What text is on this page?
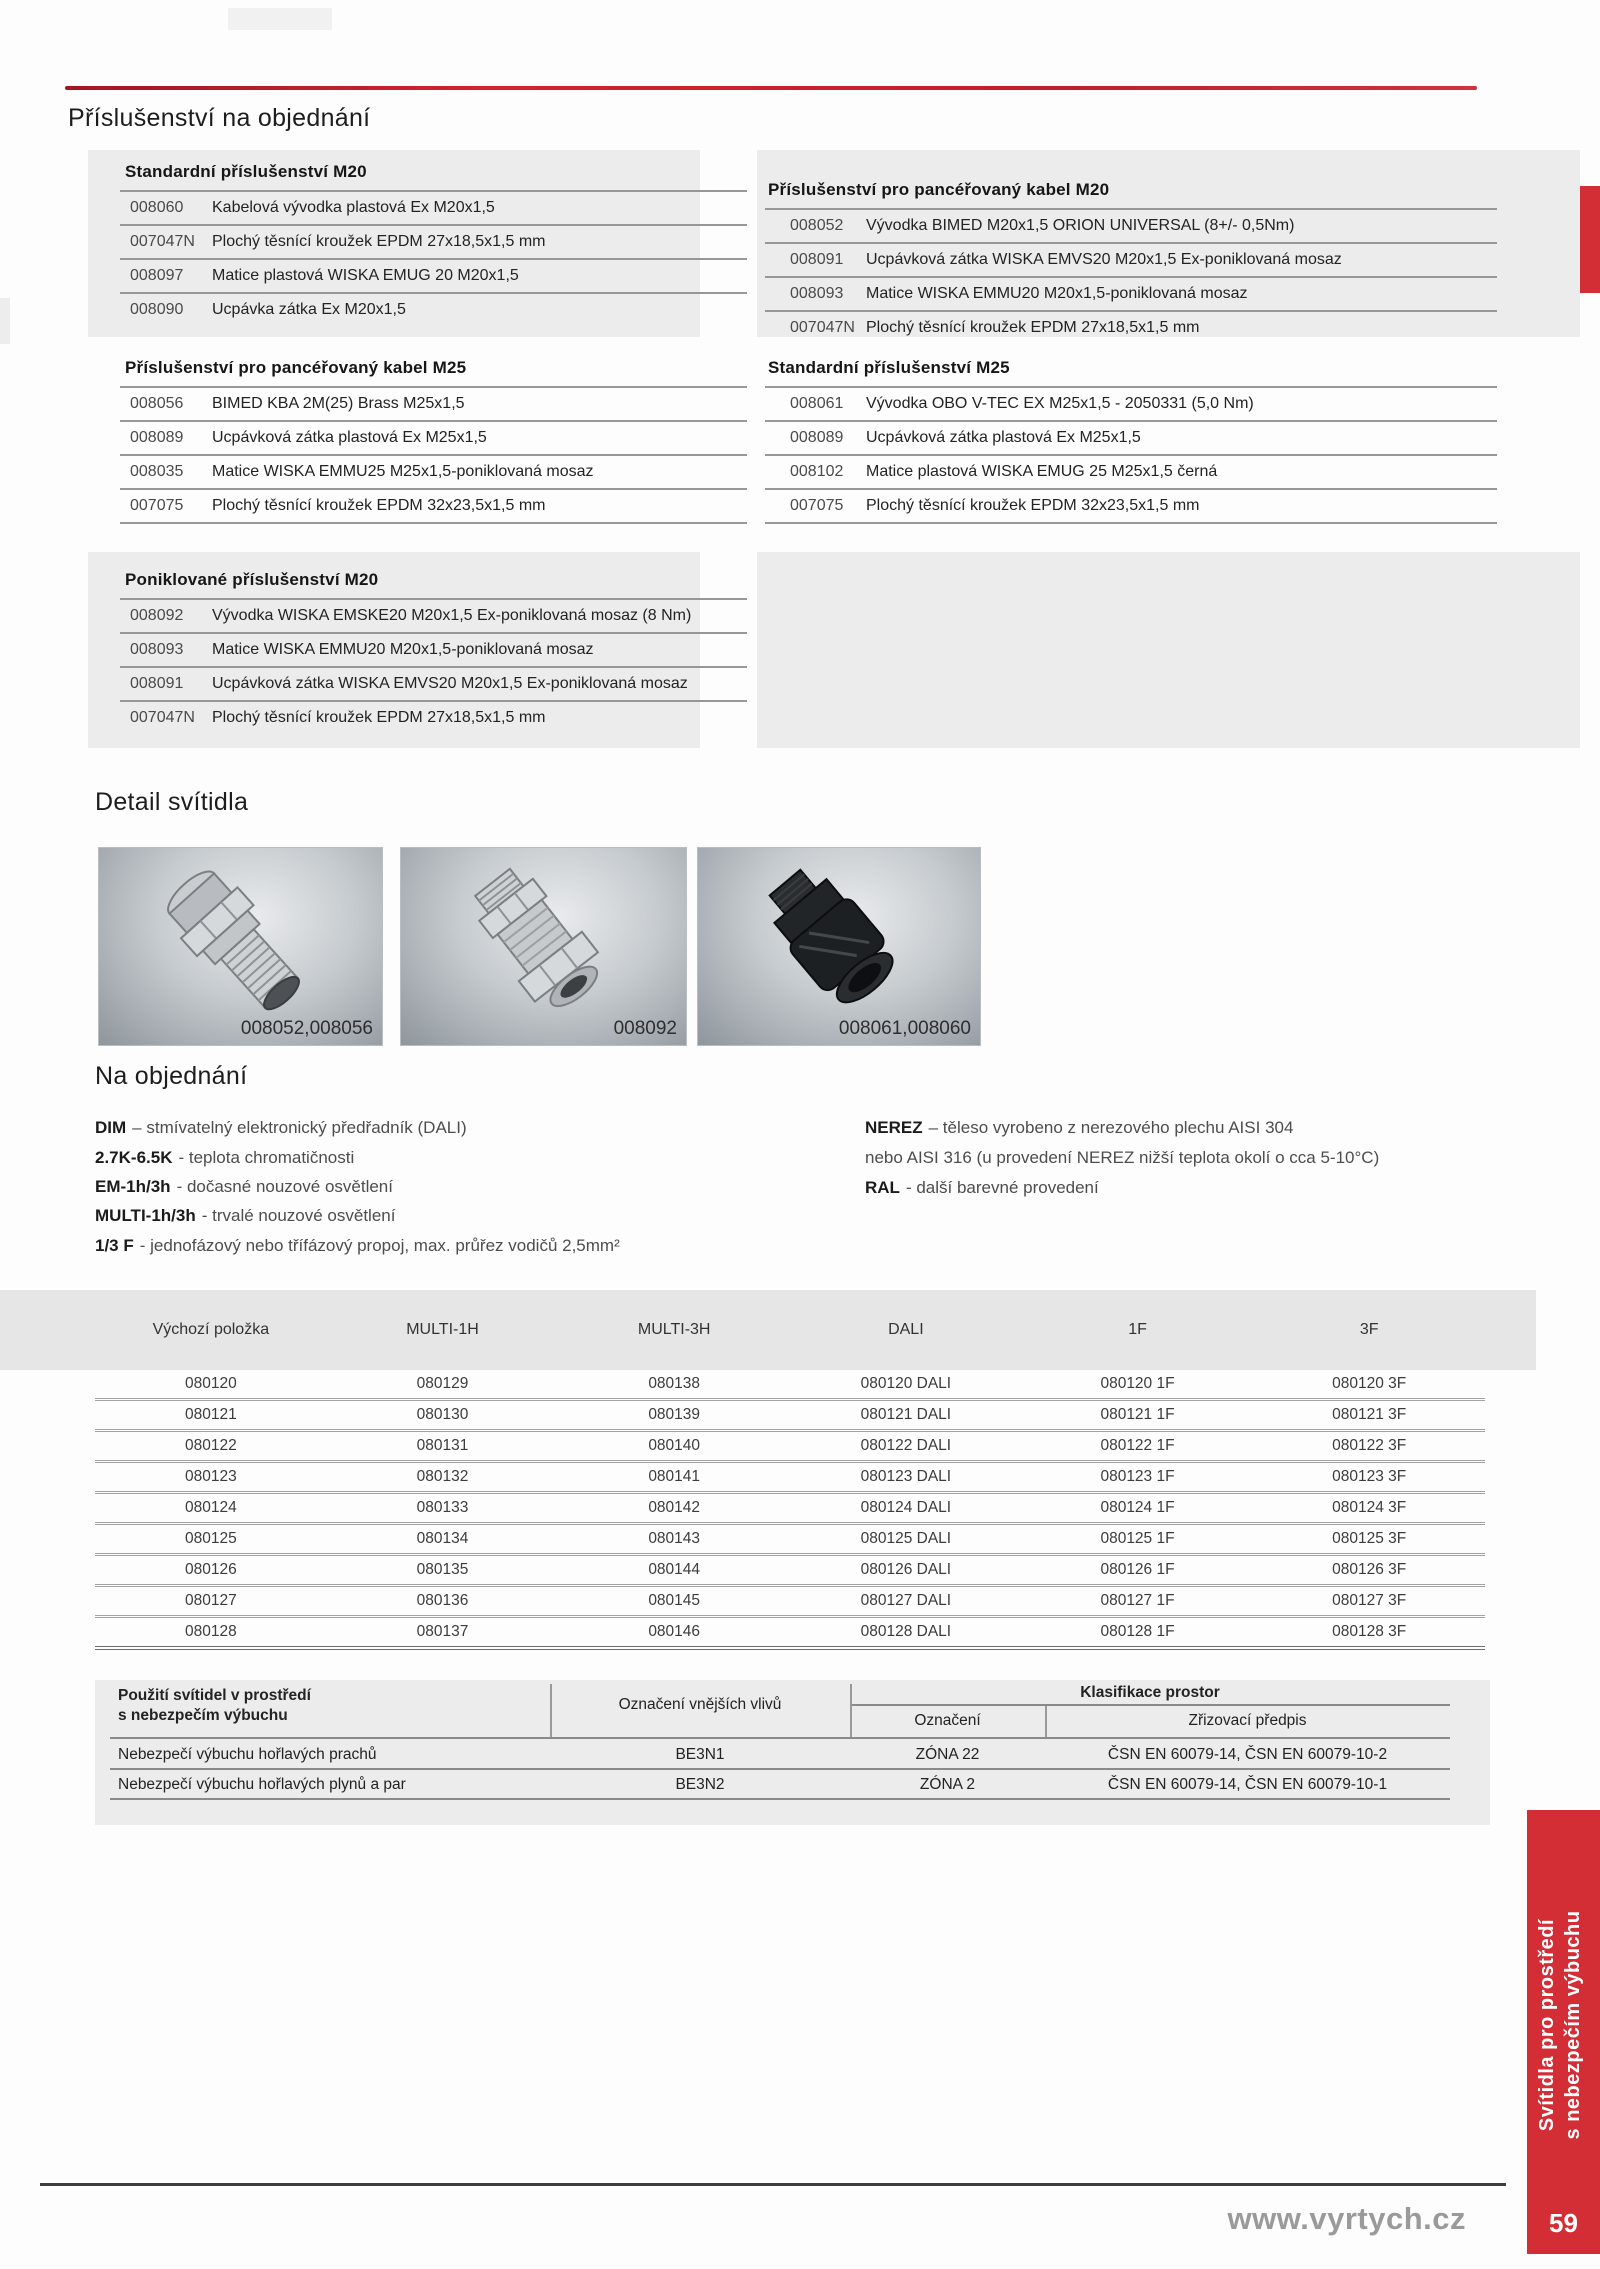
Příslušenství na objednání
Standardní příslušenství M20
008060	Kabelová vývodka plastová Ex M20x1,5
007047N	Plochý těsnící kroužek EPDM 27x18,5x1,5 mm
008097	Matice plastová WISKA EMUG 20 M20x1,5
008090	Ucpávka zátka Ex M20x1,5
Příslušenství pro pancéřovaný kabel M20
008052	Vývodka BIMED M20x1,5 ORION UNIVERSAL (8+/- 0,5Nm)
008091	Ucpávková zátka WISKA EMVS20 M20x1,5 Ex-poniklovaná mosaz
008093	Matice WISKA EMMU20 M20x1,5-poniklovaná mosaz
007047N Plochý těsnící kroužek EPDM 27x18,5x1,5 mm
Příslušenství pro pancéřovaný kabel M25
008056	BIMED KBA 2M(25) Brass M25x1,5
008089	Ucpávková zátka plastová Ex M25x1,5
008035	Matice WISKA EMMU25 M25x1,5-poniklovaná mosaz
007075	Plochý těsnící kroužek EPDM 32x23,5x1,5 mm
Standardní příslušenství M25
008061	Vývodka OBO V-TEC EX M25x1,5 - 2050331 (5,0 Nm)
008089	Ucpávková zátka plastová Ex M25x1,5
008102	Matice plastová WISKA EMUG 25 M25x1,5 černá
007075	Plochý těsnící kroužek EPDM 32x23,5x1,5 mm
Poniklované příslušenství M20
008092	Vývodka WISKA EMSKE20 M20x1,5 Ex-poniklovaná mosaz (8 Nm)
008093	Matice WISKA EMMU20 M20x1,5-poniklovaná mosaz
008091	Ucpávková zátka WISKA EMVS20 M20x1,5 Ex-poniklovaná mosaz
007047N	Plochý těsnící kroužek EPDM 27x18,5x1,5 mm
Detail svítidla
008052,008056	008092	008061,008060
Na objednání
DIM – stmívatelný elektronický předřadník (DALI)
2.7K-6.5K - teplota chromatičnosti
EM-1h/3h - dočasné nouzové osvětlení
MULTI-1h/3h - trvalé nouzové osvětlení
1/3 F - jednofázový nebo třífázový propoj, max. průřez vodičů 2,5mm²
NEREZ – těleso vyrobeno z nerezového plechu AISI 304
nebo AISI 316 (u provedení NEREZ nižší teplota okolí o cca 5-10°C)
RAL - další barevné provedení
Výchozí položka	MULTI-1H	MULTI-3H	DALI	1F	3F
080120	080129	080138	080120 DALI	080120 1F	080120 3F
080121	080130	080139	080121 DALI	080121 1F	080121 3F
080122	080131	080140	080122 DALI	080122 1F	080122 3F
080123	080132	080141	080123 DALI	080123 1F	080123 3F
080124	080133	080142	080124 DALI	080124 1F	080124 3F
080125	080134	080143	080125 DALI	080125 1F	080125 3F
080126	080135	080144	080126 DALI	080126 1F	080126 3F
080127	080136	080145	080127 DALI	080127 1F	080127 3F
080128	080137	080146	080128 DALI	080128 1F	080128 3F
Použití svítidel v prostředí
s nebezpečím výbuchu
Označení vnějších vlivů
Klasifikace prostor
Označení	Zřizovací předpis
Nebezpečí výbuchu hořlavých prachů	BE3N1	ZÓNA 22	ČSN EN 60079-14, ČSN EN 60079-10-2
Nebezpečí výbuchu hořlavých plynů a par	BE3N2	ZÓNA 2	ČSN EN 60079-14, ČSN EN 60079-10-1
Svítidla pro prostředí s nebezpečím výbuchu
59
www.vyrtych.cz
